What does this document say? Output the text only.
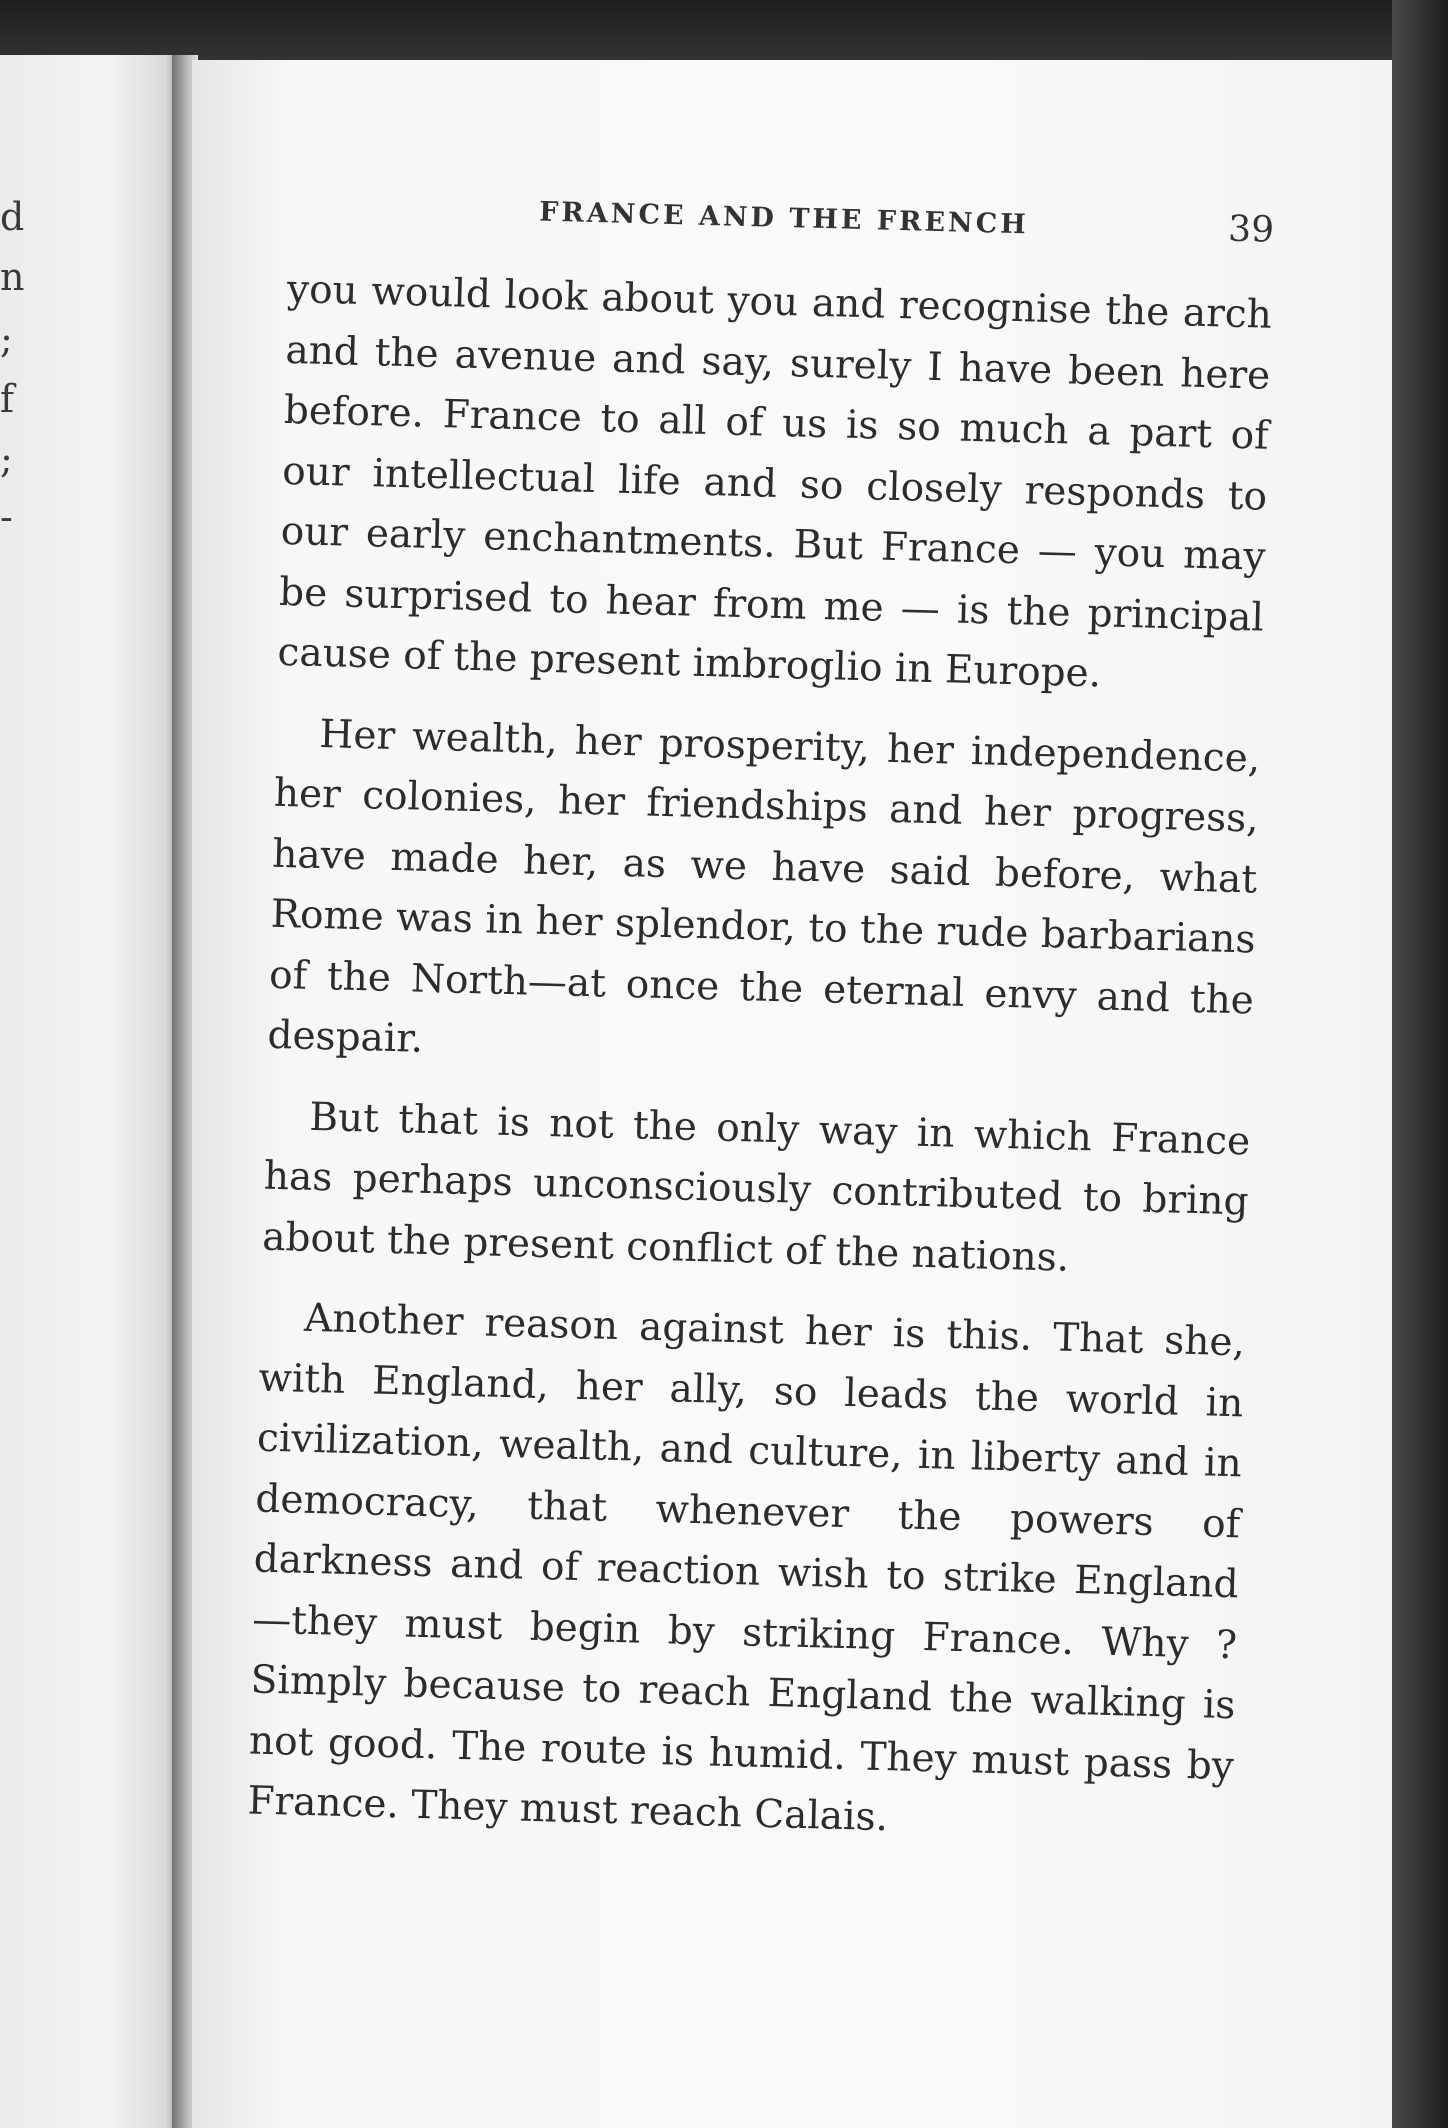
d
n
;
f
;
-
FRANCE AND THE FRENCH	39

you would look about you and recognise the arch and the avenue and say, surely I have been here before. France to all of us is so much a part of our intellectual life and so closely responds to our early enchantments. But France — you may be surprised to hear from me — is the principal cause of the present imbroglio in Europe.

Her wealth, her prosperity, her independence, her colonies, her friendships and her progress, have made her, as we have said before, what Rome was in her splendor, to the rude barbarians of the North—at once the eternal envy and the despair.

But that is not the only way in which France has perhaps unconsciously contributed to bring about the present conflict of the nations.

Another reason against her is this. That she, with England, her ally, so leads the world in civilization, wealth, and culture, in liberty and in democracy, that whenever the powers of darkness and of reaction wish to strike England—they must begin by striking France. Why ? Simply because to reach England the walking is not good. The route is humid. They must pass by France. They must reach Calais.
